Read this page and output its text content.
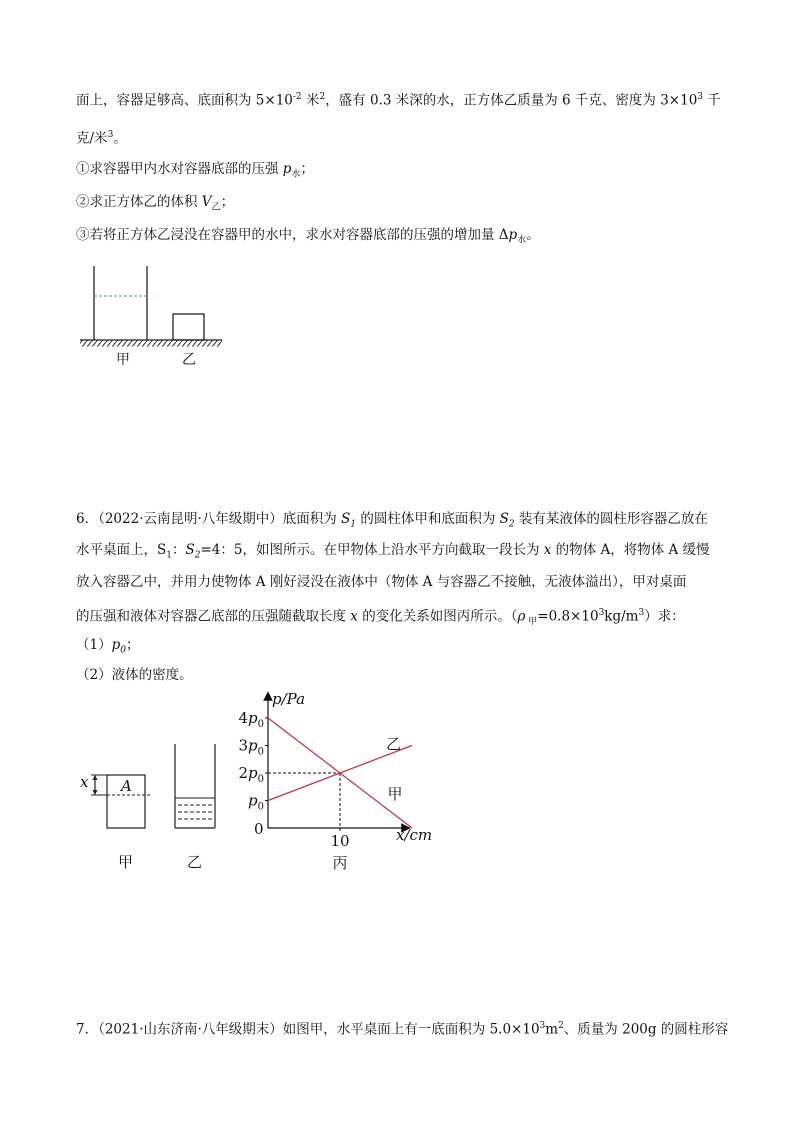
面上，容器足够高、底面积为 $5\times 10^{-2}$ 米$^2$，盛有 0.3 米深的水，正方体乙质量为 6 千克、密度为 $3\times 10^3$ 千
克/米$^3$。
①求容器甲内水对容器底部的压强 $p_水$；
②求正方体乙的体积 $V_乙$；
③若将正方体乙浸没在容器甲的水中，求水对容器底部的压强的增加量 $\Delta p_水$。
甲	乙
6．（2022·云南昆明·八年级期中）底面积为 $S_1$ 的圆柱体甲和底面积为 $S_2$ 装有某液体的圆柱形容器乙放在
水平桌面上，$S_1$：$S_2=4$：5，如图所示。在甲物体上沿水平方向截取一段长为 x 的物体 A，将物体 A 缓慢
放入容器乙中，并用力使物体 A 刚好浸没在液体中（物体 A 与容器乙不接触，无液体溢出），甲对桌面
的压强和液体对容器乙底部的压强随截取长度 x 的变化关系如图丙所示。（ρ $_甲=0.8\times 10^3kg/m^3$）求：
$(1)p_0$；
（2）液体的密度。
x A
甲	乙
p/Pa
x/cm
0
$p_0$
$2p_0$
$3p_0$
$4p_0$
10
乙
甲
丙
7．（2021·山东济南·八年级期末）如图甲，水平桌面上有一底面积为 $5.0\times 10^3m^2$、质量为 200g 的圆柱形容
